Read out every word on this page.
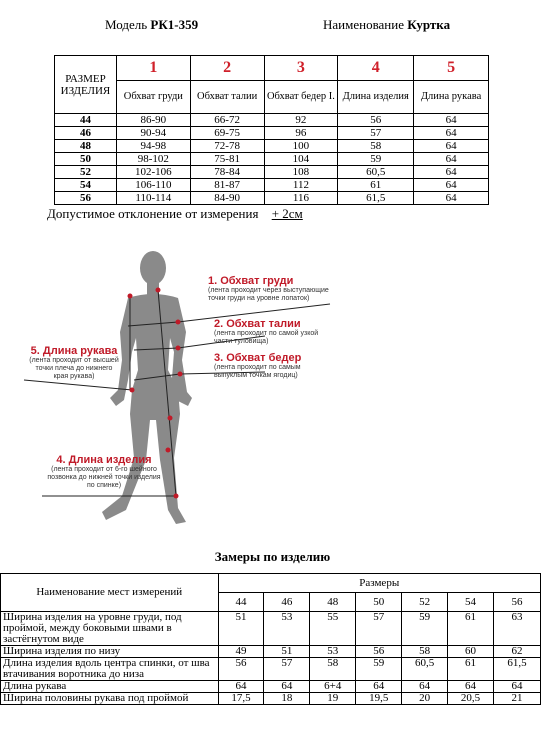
Модель РК1-359	Наименование Куртка
РАЗМЕР ИЗДЕЛИЯ	1	2	3	4	5
	Обхват груди	Обхват талии	Обхват бедер I.	Длина изделия	Длина рукава
44	86-90	66-72	92	56	64
46	90-94	69-75	96	57	64
48	94-98	72-78	100	58	64
50	98-102	75-81	104	59	64
52	102-106	78-84	108	60,5	64
54	106-110	81-87	112	61	64
56	110-114	84-90	116	61,5	64
Допустимое отклонение от измерения + 2см
1. Обхват груди
(лента проходит через выступающие точки груди на уровне лопаток)
2. Обхват талии
(лента проходит по самой узкой части туловища)
3. Обхват бедер
(лента проходит по самым выпуклым точкам ягодиц)
4. Длина изделия
(лента проходит от 6-го шейного позвонка до нижней точки изделия по спинке)
5. Длина рукава
(лента проходит от высшей точки плеча до нижнего края рукава)
Замеры по изделию
Наименование мест измерений	Размеры						
	44	46	48	50	52	54	56
Ширина изделия на уровне груди, под проймой, между боковыми швами в застёгнутом виде	51	53	55	57	59	61	63
Ширина изделия по низу	49	51	53	56	58	60	62
Длина изделия вдоль центра спинки, от шва втачивания воротника до низа	56	57	58	59	60,5	61	61,5
Длина рукава	64	64	6+4	64	64	64	64
Ширина половины рукава под проймой	17,5	18	19	19,5	20	20,5	21
